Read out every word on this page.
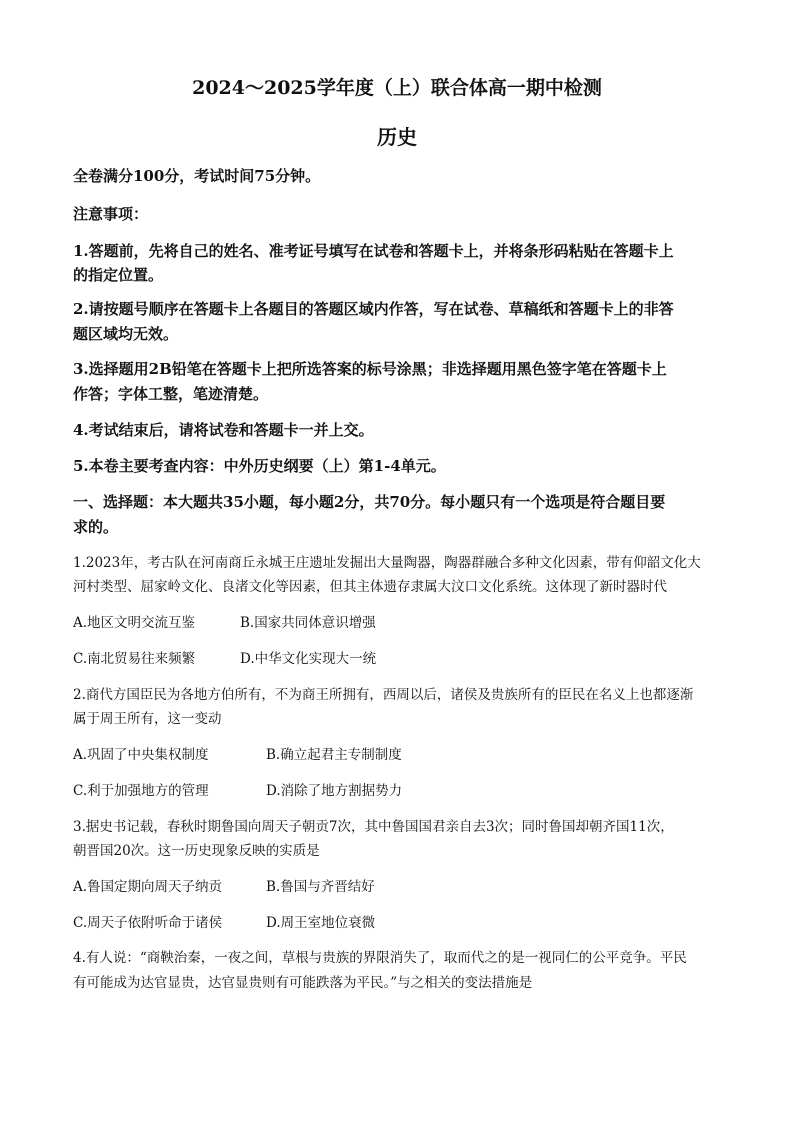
2024～2025学年度（上）联合体高一期中检测
历史
全卷满分100分，考试时间75分钟。
注意事项：
1.答题前，先将自己的姓名、准考证号填写在试卷和答题卡上，并将条形码粘贴在答题卡上
的指定位置。
2.请按题号顺序在答题卡上各题目的答题区域内作答，写在试卷、草稿纸和答题卡上的非答
题区域均无效。
3.选择题用2B铅笔在答题卡上把所选答案的标号涂黑；非选择题用黑色签字笔在答题卡上
作答；字体工整，笔迹清楚。
4.考试结束后，请将试卷和答题卡一并上交。
5.本卷主要考查内容：中外历史纲要（上）第1-4单元。
一、选择题：本大题共35小题，每小题2分，共70分。每小题只有一个选项是符合题目要
求的。
1.2023年，考古队在河南商丘永城王庄遗址发掘出大量陶器，陶器群融合多种文化因素，带有仰韶文化大
河村类型、屈家岭文化、良渚文化等因素，但其主体遗存隶属大汶口文化系统。这体现了新时器时代
A.地区文明交流互鉴	B.国家共同体意识增强
C.南北贸易往来频繁	D.中华文化实现大一统
2.商代方国臣民为各地方伯所有，不为商王所拥有，西周以后，诸侯及贵族所有的臣民在名义上也都逐渐
属于周王所有，这一变动
A.巩固了中央集权制度	B.确立起君主专制制度
C.利于加强地方的管理	D.消除了地方割据势力
3.据史书记载，春秋时期鲁国向周天子朝贡7次，其中鲁国国君亲自去3次；同时鲁国却朝齐国11次，
朝晋国20次。这一历史现象反映的实质是
A.鲁国定期向周天子纳贡	B.鲁国与齐晋结好
C.周天子依附听命于诸侯	D.周王室地位衰微
4.有人说：“商鞅治秦，一夜之间，草根与贵族的界限消失了，取而代之的是一视同仁的公平竞争。平民
有可能成为达官显贵，达官显贵则有可能跌落为平民。”与之相关的变法措施是
